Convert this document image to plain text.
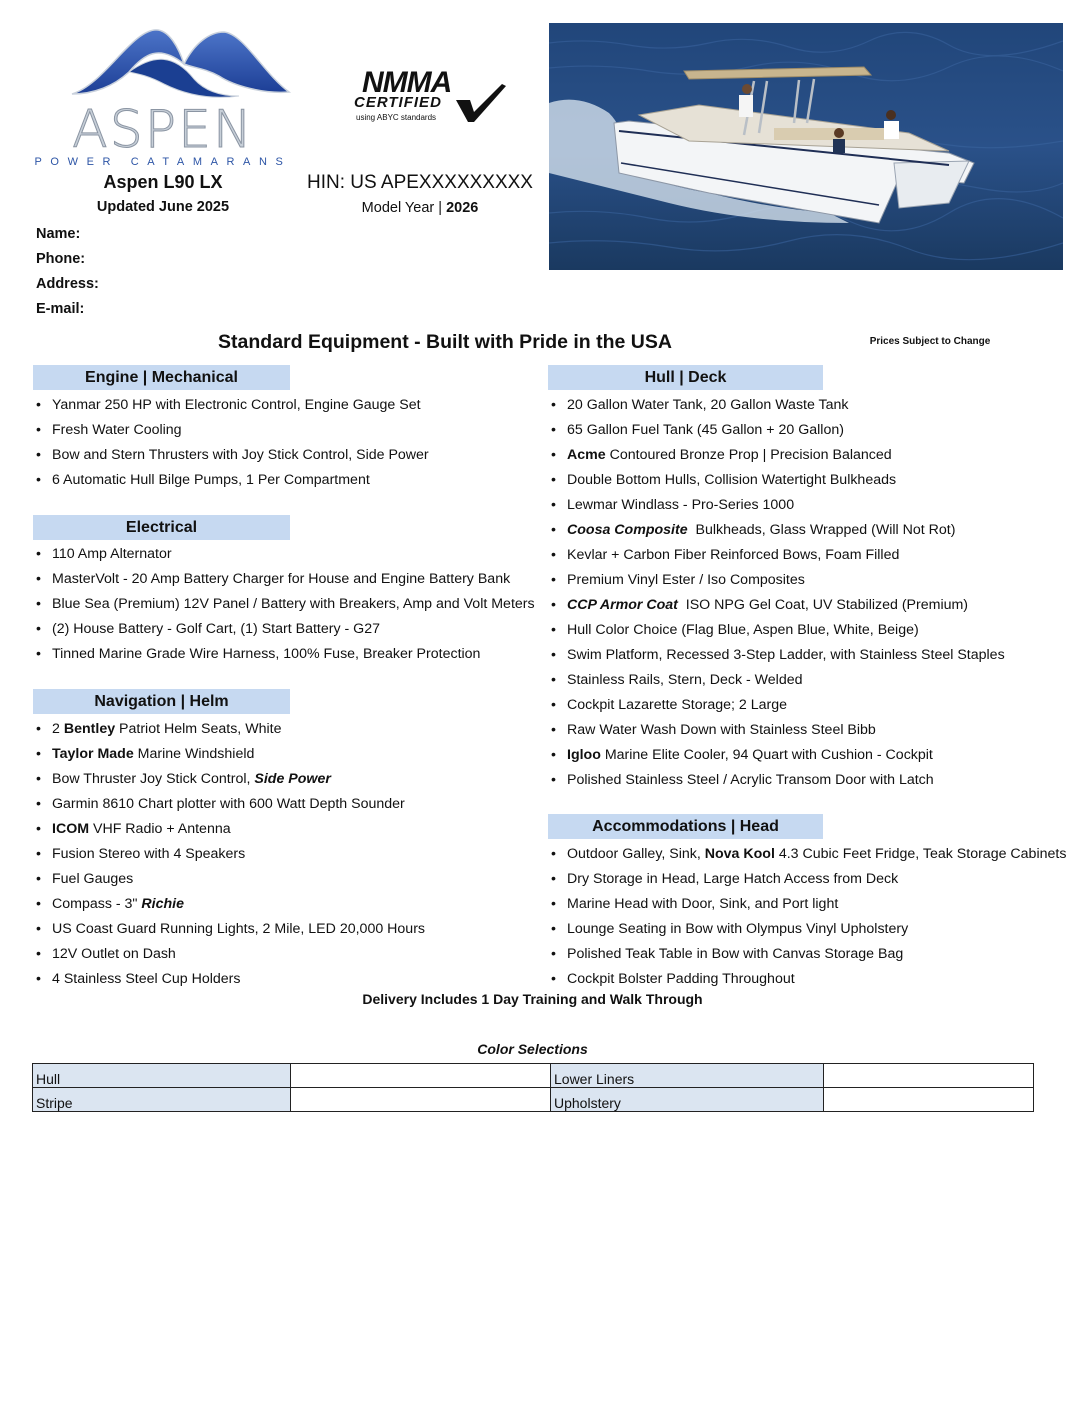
ASPEN
POWER CATAMARANS
NMMA
CERTIFIED
using ABYC standards
Aspen L90 LX
Updated June 2025
HIN: US APEXXXXXXXXX
Model Year | 2026
Name:
Phone:
Address:
E-mail:
Standard Equipment - Built with Pride in the USA	Prices Subject to Change
Engine | Mechanical
• Yanmar 250 HP with Electronic Control, Engine Gauge Set
• Fresh Water Cooling
• Bow and Stern Thrusters with Joy Stick Control, Side Power
• 6 Automatic Hull Bilge Pumps, 1 Per Compartment
Electrical
• 110 Amp Alternator
• MasterVolt - 20 Amp Battery Charger for House and Engine Battery Bank
• Blue Sea (Premium) 12V Panel / Battery with Breakers, Amp and Volt Meters
• (2) House Battery - Golf Cart, (1) Start Battery - G27
• Tinned Marine Grade Wire Harness, 100% Fuse, Breaker Protection
Navigation | Helm
• 2 Bentley Patriot Helm Seats, White
• Taylor Made Marine Windshield
• Bow Thruster Joy Stick Control, Side Power
• Garmin 8610 Chart plotter with 600 Watt Depth Sounder
• ICOM VHF Radio + Antenna
• Fusion Stereo with 4 Speakers
• Fuel Gauges
• Compass - 3" Richie
• US Coast Guard Running Lights, 2 Mile, LED 20,000 Hours
• 12V Outlet on Dash
• 4 Stainless Steel Cup Holders
Hull | Deck
• 20 Gallon Water Tank, 20 Gallon Waste Tank
• 65 Gallon Fuel Tank (45 Gallon + 20 Gallon)
• Acme Contoured Bronze Prop | Precision Balanced
• Double Bottom Hulls, Collision Watertight Bulkheads
• Lewmar Windlass - Pro-Series 1000
• Coosa Composite  Bulkheads, Glass Wrapped (Will Not Rot)
• Kevlar + Carbon Fiber Reinforced Bows, Foam Filled
• Premium Vinyl Ester / Iso Composites
• CCP Armor Coat  ISO NPG Gel Coat, UV Stabilized (Premium)
• Hull Color Choice (Flag Blue, Aspen Blue, White, Beige)
• Swim Platform, Recessed 3-Step Ladder, with Stainless Steel Staples
• Stainless Rails, Stern, Deck - Welded
• Cockpit Lazarette Storage; 2 Large
• Raw Water Wash Down with Stainless Steel Bibb
• Igloo Marine Elite Cooler, 94 Quart with Cushion - Cockpit
• Polished Stainless Steel / Acrylic Transom Door with Latch
Accommodations | Head
• Outdoor Galley, Sink, Nova Kool 4.3 Cubic Feet Fridge, Teak Storage Cabinets
• Dry Storage in Head, Large Hatch Access from Deck
• Marine Head with Door, Sink, and Port light
• Lounge Seating in Bow with Olympus Vinyl Upholstery
• Polished Teak Table in Bow with Canvas Storage Bag
• Cockpit Bolster Padding Throughout
Delivery Includes 1 Day Training and Walk Through
Color Selections
Hull		Lower Liners	
Stripe		Upholstery	
